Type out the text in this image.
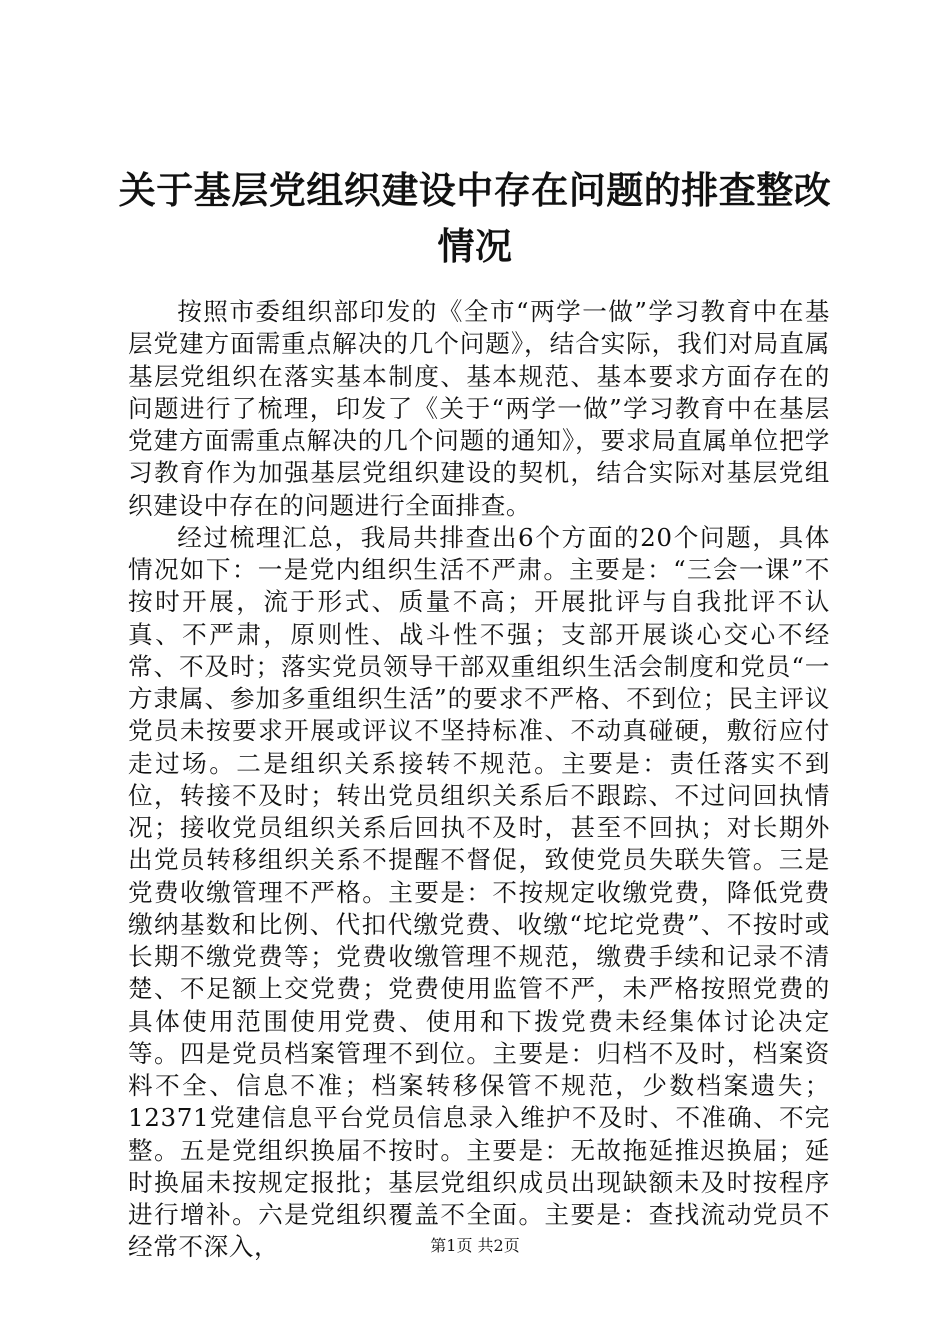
关于基层党组织建设中存在问题的排查整改情况

按照市委组织部印发的《全市“两学一做”学习教育中在基层党建方面需重点解决的几个问题》，结合实际，我们对局直属基层党组织在落实基本制度、基本规范、基本要求方面存在的问题进行了梳理，印发了《关于“两学一做”学习教育中在基层党建方面需重点解决的几个问题的通知》，要求局直属单位把学习教育作为加强基层党组织建设的契机，结合实际对基层党组织建设中存在的问题进行全面排查。

经过梳理汇总，我局共排查出6个方面的20个问题，具体情况如下：一是党内组织生活不严肃。主要是：“三会一课”不按时开展，流于形式、质量不高；开展批评与自我批评不认真、不严肃，原则性、战斗性不强；支部开展谈心交心不经常、不及时；落实党员领导干部双重组织生活会制度和党员“一方隶属、参加多重组织生活”的要求不严格、不到位；民主评议党员未按要求开展或评议不坚持标准、不动真碰硬，敷衍应付走过场。二是组织关系接转不规范。主要是：责任落实不到位，转接不及时；转出党员组织关系后不跟踪、不过问回执情况；接收党员组织关系后回执不及时，甚至不回执；对长期外出党员转移组织关系不提醒不督促，致使党员失联失管。三是党费收缴管理不严格。主要是：不按规定收缴党费，降低党费缴纳基数和比例、代扣代缴党费、收缴“坨坨党费”、不按时或长期不缴党费等；党费收缴管理不规范，缴费手续和记录不清楚、不足额上交党费；党费使用监管不严，未严格按照党费的具体使用范围使用党费、使用和下拨党费未经集体讨论决定等。四是党员档案管理不到位。主要是：归档不及时，档案资料不全、信息不准；档案转移保管不规范，少数档案遗失；12371党建信息平台党员信息录入维护不及时、不准确、不完整。五是党组织换届不按时。主要是：无故拖延推迟换届；延时换届未按规定报批；基层党组织成员出现缺额未及时按程序进行增补。六是党组织覆盖不全面。主要是：查找流动党员不经常不深入，	第1页 共2页
